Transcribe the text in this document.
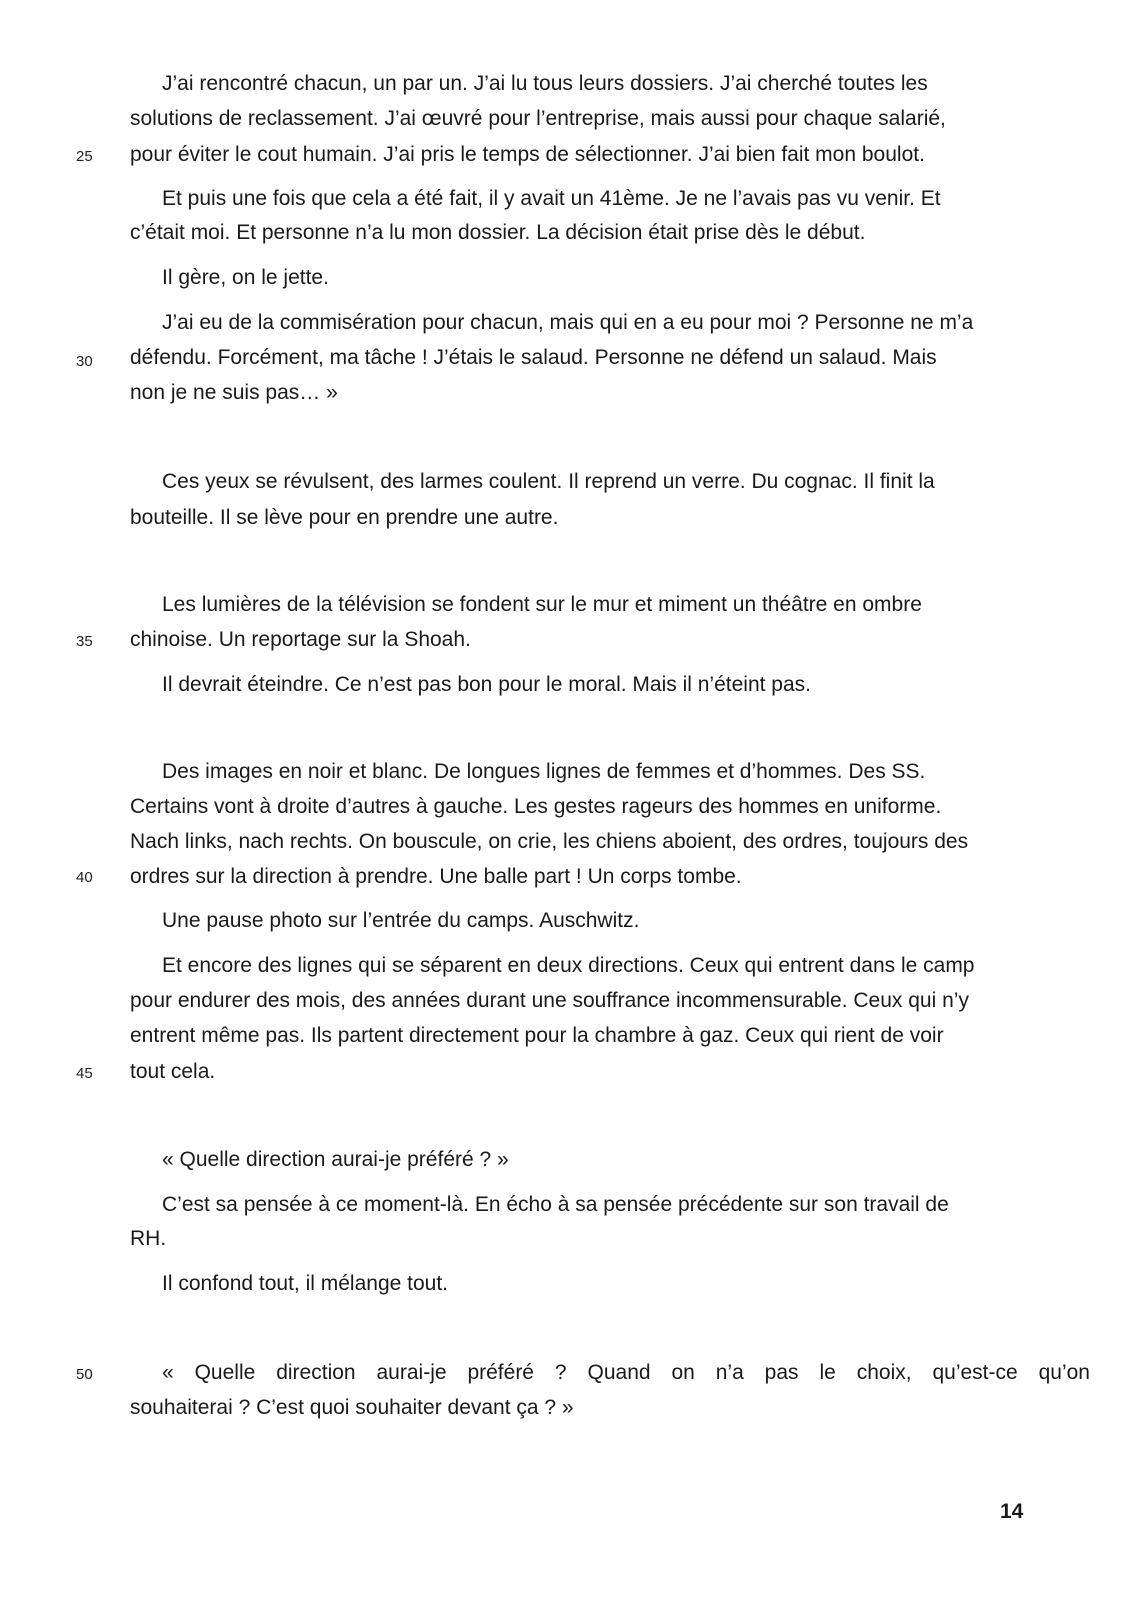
J’ai rencontré chacun, un par un. J’ai lu tous leurs dossiers. J’ai cherché toutes les
solutions de reclassement. J’ai œuvré pour l’entreprise, mais aussi pour chaque salarié,
pour éviter le cout humain. J’ai pris le temps de sélectionner. J’ai bien fait mon boulot.
25
Et puis une fois que cela a été fait, il y avait un 41ème. Je ne l’avais pas vu venir. Et
c’était moi. Et personne n’a lu mon dossier. La décision était prise dès le début.
Il gère, on le jette.
J’ai eu de la commisération pour chacun, mais qui en a eu pour moi ? Personne ne m’a
défendu. Forcément, ma tâche ! J’étais le salaud. Personne ne défend un salaud. Mais
30
non je ne suis pas… »
Ces yeux se révulsent, des larmes coulent. Il reprend un verre. Du cognac. Il finit la
bouteille. Il se lève pour en prendre une autre.
Les lumières de la télévision se fondent sur le mur et miment un théâtre en ombre
chinoise. Un reportage sur la Shoah.
35
Il devrait éteindre. Ce n’est pas bon pour le moral. Mais il n’éteint pas.
Des images en noir et blanc. De longues lignes de femmes et d’hommes. Des SS.
Certains vont à droite d’autres à gauche. Les gestes rageurs des hommes en uniforme.
Nach links, nach rechts. On bouscule, on crie, les chiens aboient, des ordres, toujours des
ordres sur la direction à prendre. Une balle part ! Un corps tombe.
40
Une pause photo sur l’entrée du camps. Auschwitz.
Et encore des lignes qui se séparent en deux directions. Ceux qui entrent dans le camp
pour endurer des mois, des années durant une souffrance incommensurable. Ceux qui n’y
entrent même pas. Ils partent directement pour la chambre à gaz. Ceux qui rient de voir
tout cela.
45
« Quelle direction aurai-je préféré ? »
C’est sa pensée à ce moment-là. En écho à sa pensée précédente sur son travail de
RH.
Il confond tout, il mélange tout.
« Quelle direction aurai-je préféré ? Quand on n’a pas le choix, qu’est-ce qu’on
50
souhaiterai ? C’est quoi souhaiter devant ça ? »
14
